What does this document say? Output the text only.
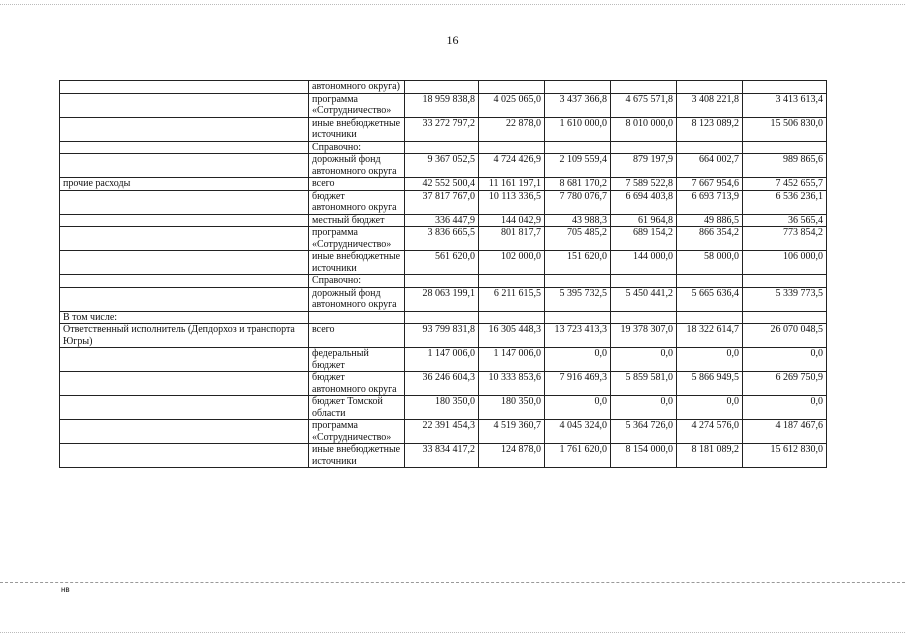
16
	автономного округа)						
	программа «Сотрудничество»	18 959 838,8	4 025 065,0	3 437 366,8	4 675 571,8	3 408 221,8	3 413 613,4
	иные внебюджетные источники	33 272 797,2	22 878,0	1 610 000,0	8 010 000,0	8 123 089,2	15 506 830,0
	Справочно:						
	дорожный фонд автономного округа	9 367 052,5	4 724 426,9	2 109 559,4	879 197,9	664 002,7	989 865,6
прочие расходы	всего	42 552 500,4	11 161 197,1	8 681 170,2	7 589 522,8	7 667 954,6	7 452 655,7
	бюджет автономного округа	37 817 767,0	10 113 336,5	7 780 076,7	6 694 403,8	6 693 713,9	6 536 236,1
	местный бюджет	336 447,9	144 042,9	43 988,3	61 964,8	49 886,5	36 565,4
	программа «Сотрудничество»	3 836 665,5	801 817,7	705 485,2	689 154,2	866 354,2	773 854,2
	иные внебюджетные источники	561 620,0	102 000,0	151 620,0	144 000,0	58 000,0	106 000,0
	Справочно:						
	дорожный фонд автономного округа	28 063 199,1	6 211 615,5	5 395 732,5	5 450 441,2	5 665 636,4	5 339 773,5
В том числе:							
Ответственный исполнитель (Депдорхоз и транспорта Югры)	всего	93 799 831,8	16 305 448,3	13 723 413,3	19 378 307,0	18 322 614,7	26 070 048,5
	федеральный бюджет	1 147 006,0	1 147 006,0	0,0	0,0	0,0	0,0
	бюджет автономного округа	36 246 604,3	10 333 853,6	7 916 469,3	5 859 581,0	5 866 949,5	6 269 750,9
	бюджет Томской области	180 350,0	180 350,0	0,0	0,0	0,0	0,0
	программа «Сотрудничество»	22 391 454,3	4 519 360,7	4 045 324,0	5 364 726,0	4 274 576,0	4 187 467,6
	иные внебюджетные источники	33 834 417,2	124 878,0	1 761 620,0	8 154 000,0	8 181 089,2	15 612 830,0
нв
